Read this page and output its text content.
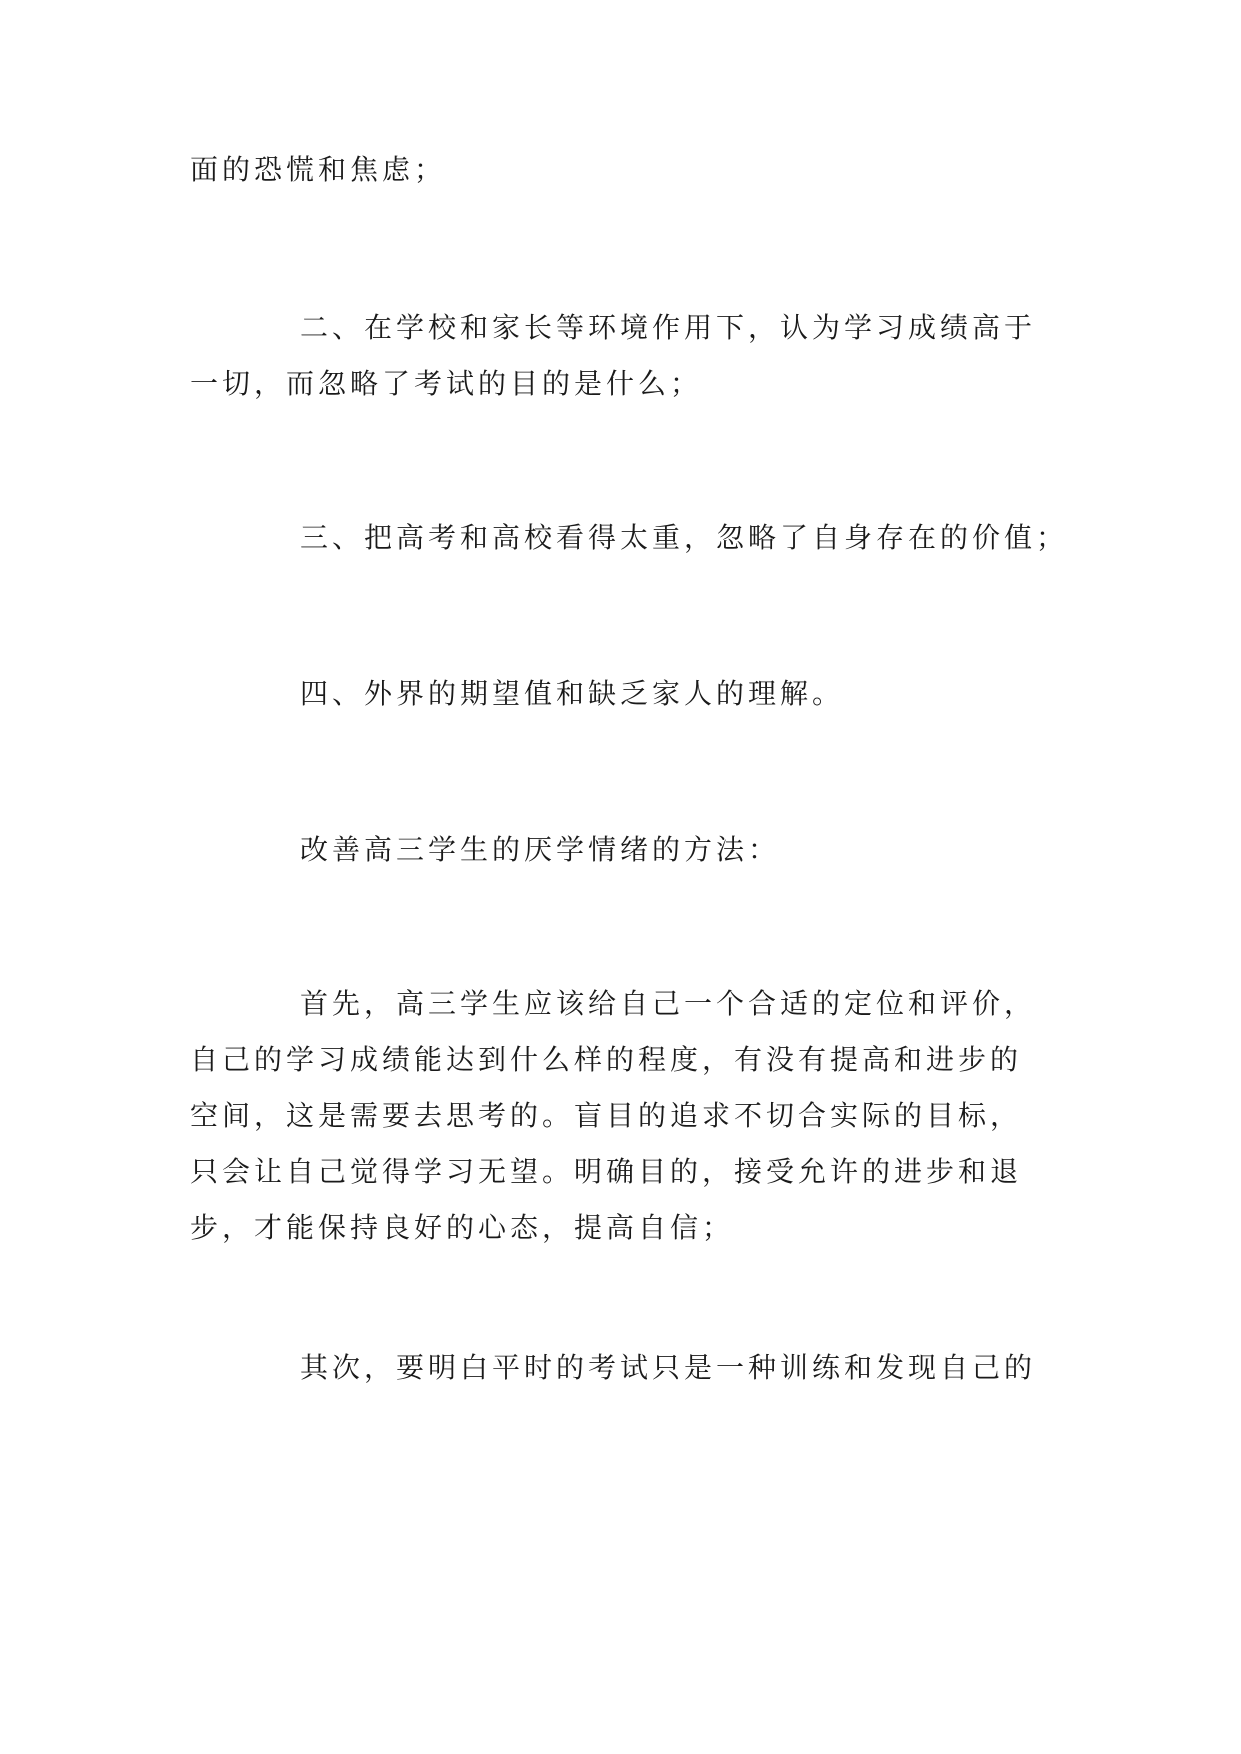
面的恐慌和焦虑；

二、在学校和家长等环境作用下，认为学习成绩高于
一切，而忽略了考试的目的是什么；

三、把高考和高校看得太重，忽略了自身存在的价值；

四、外界的期望值和缺乏家人的理解。

改善高三学生的厌学情绪的方法：

首先，高三学生应该给自己一个合适的定位和评价，
自己的学习成绩能达到什么样的程度，有没有提高和进步的
空间，这是需要去思考的。盲目的追求不切合实际的目标，
只会让自己觉得学习无望。明确目的，接受允许的进步和退
步，才能保持良好的心态，提高自信；

其次，要明白平时的考试只是一种训练和发现自己的
